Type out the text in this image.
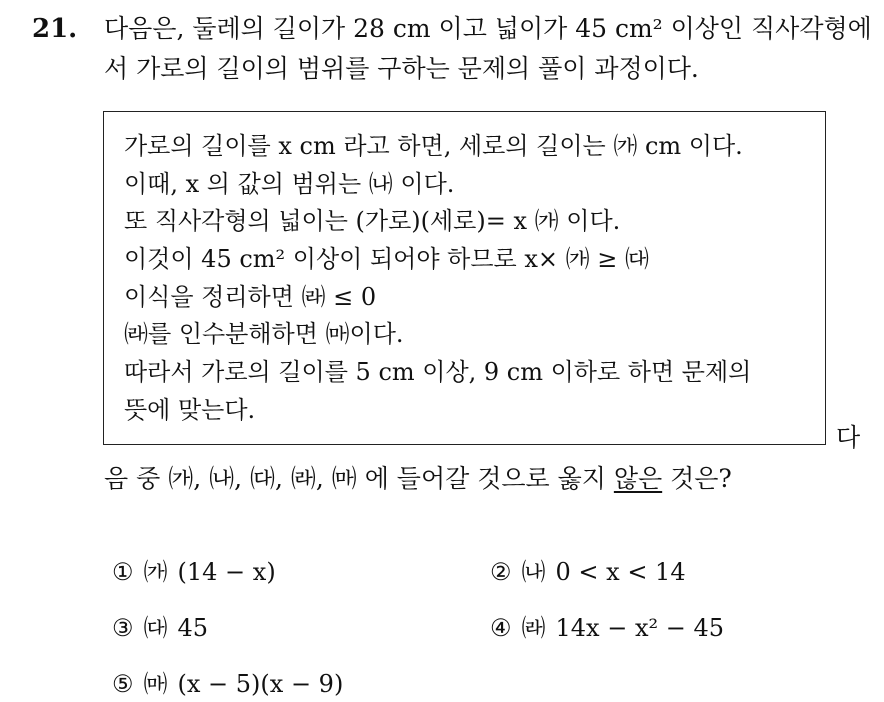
21. 다음은, 둘레의 길이가 28 cm 이고 넓이가 45 cm² 이상인 직사각형에
서 가로의 길이의 범위를 구하는 문제의 풀이 과정이다.
가로의 길이를 x cm 라고 하면, 세로의 길이는 ㈎ cm 이다.
이때, x 의 값의 범위는 ㈏ 이다.
또 직사각형의 넓이는 (가로)(세로)= x ㈎ 이다.
이것이 45 cm² 이상이 되어야 하므로 x× ㈎ ≥ ㈐
이식을 정리하면 ㈑ ≤ 0
㈑를 인수분해하면 ㈒이다.
따라서 가로의 길이를 5 cm 이상, 9 cm 이하로 하면 문제의
뜻에 맞는다.
다
음 중 ㈎, ㈏, ㈐, ㈑, ㈒ 에 들어갈 것으로 옳지 않은 것은?
① ㈎ (14 − x)	② ㈏ 0 < x < 14
③ ㈐ 45	④ ㈑ 14x − x² − 45
⑤ ㈒ (x − 5)(x − 9)
